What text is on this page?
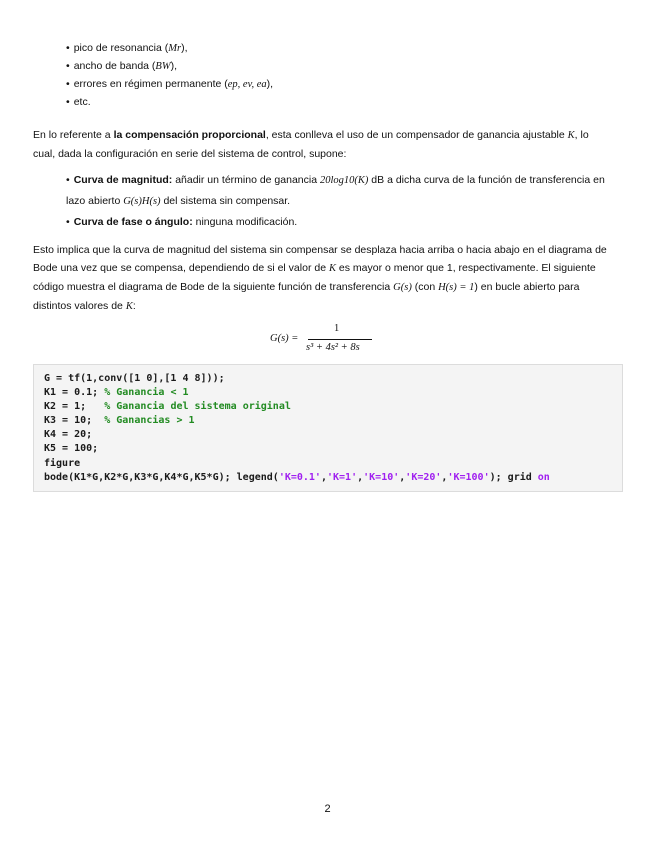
• pico de resonancia (Mr),
• ancho de banda (BW),
• errores en régimen permanente (ep, ev, ea),
• etc.

En lo referente a la compensación proporcional, esta conlleva el uso de un compensador de ganancia ajustable K, lo cual, dada la configuración en serie del sistema de control, supone:

• Curva de magnitud: añadir un término de ganancia 20log10(K) dB a dicha curva de la función de transferencia en lazo abierto G(s)H(s) del sistema sin compensar.
• Curva de fase o ángulo: ninguna modificación.

Esto implica que la curva de magnitud del sistema sin compensar se desplaza hacia arriba o hacia abajo en el diagrama de Bode una vez que se compensa, dependiendo de si el valor de K es mayor o menor que 1, respectivamente. El siguiente código muestra el diagrama de Bode de la siguiente función de transferencia G(s) (con H(s) = 1) en bucle abierto para distintos valores de K:

G(s) =
1
s³ + 4s² + 8s
G = tf(1,conv([1 0],[1 4 8]));
K1 = 0.1; % Ganancia < 1
K2 = 1;   % Ganancia del sistema original
K3 = 10;  % Ganancias > 1
K4 = 20;
K5 = 100;
figure
bode(K1*G,K2*G,K3*G,K4*G,K5*G); legend('K=0.1','K=1','K=10','K=20','K=100'); grid on
2
